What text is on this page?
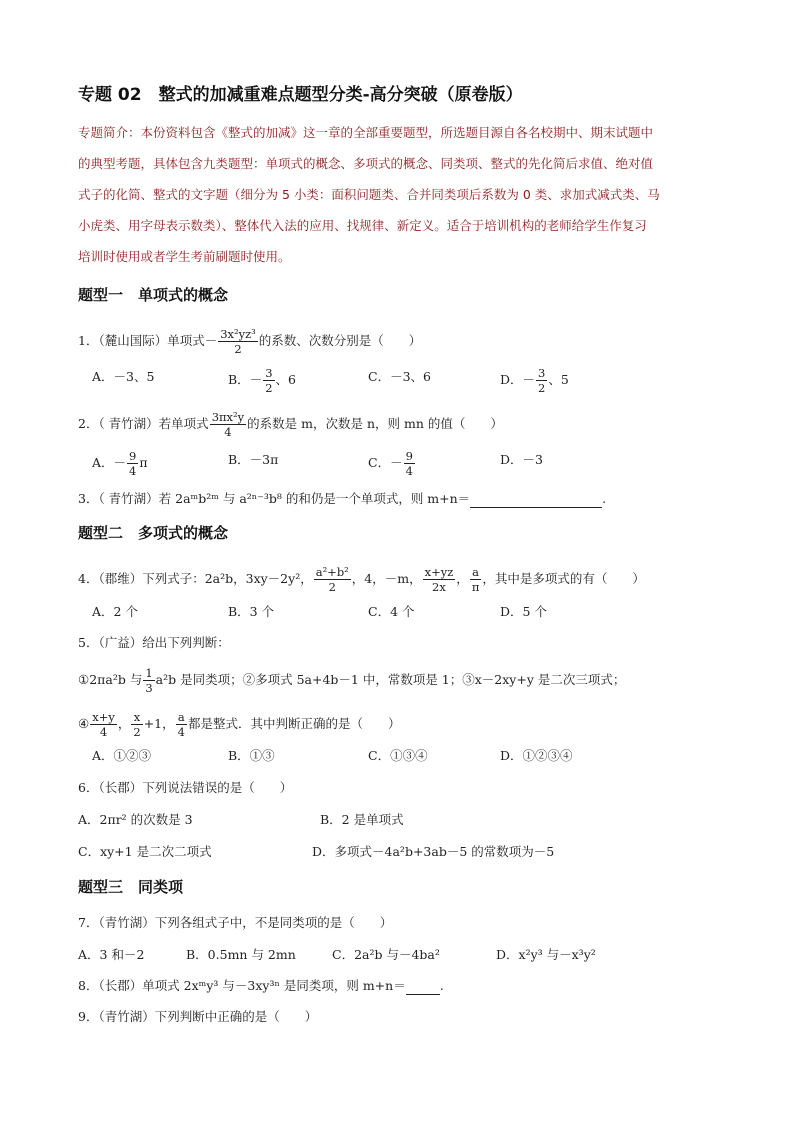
专题 02　整式的加减重难点题型分类-高分突破（原卷版）
专题简介：本份资料包含《整式的加减》这一章的全部重要题型，所选题目源自各名校期中、期末试题中
的典型考题，具体包含九类题型：单项式的概念、多项式的概念、同类项、整式的先化简后求值、绝对值
式子的化简、整式的文字题（细分为 5 小类：面积问题类、合并同类项后系数为 0 类、求加式减式类、马
小虎类、用字母表示数类）、整体代入法的应用、找规律、新定义。适合于培训机构的老师给学生作复习
培训时使用或者学生考前刷题时使用。
题型一　单项式的概念
1．（麓山国际）单项式－ $\frac{\text{3x²yz³}}{2}$ 的系数、次数分别是（　　）
A．－3、5	B．－ $\frac{3}{2}$ 、6	C．－3、6	D．－ $\frac{3}{2}$ 、5
2．（ 青竹湖）若单项式 $\frac{\text{3πx²y}}{4}$ 的系数是 m，次数是 n，则 mn 的值（　　）
A．－ $\frac{9}{4}$ π	B．－3π	C．－ $\frac{9}{4}$	D．－3
3．（ 青竹湖）若 2aᵐb²ᵐ 与 a²ⁿ⁻³b⁸ 的和仍是一个单项式，则 m+n＝	.
题型二　多项式的概念
4．（郡维）下列式子：2a²b，3xy－2y²， $\frac{\text{a²+b²}}{2}$ ，4，－m， $\frac{x+yz}{2x}$ ， $\frac{a}{\pi}$ ，其中是多项式的有（　　）
A．2 个	B．3 个	C．4 个	D．5 个
5．（广益）给出下列判断：
①2πa²b 与 $\frac{1}{3} a^2b$ 是同类项；②多项式 5a+4b－1 中，常数项是 1；③x－2xy+y 是二次三项式；
④ $\frac{x+y}{4}$ ， $\frac{x}{2} +1$， $\frac{a}{4}$ 都是整式．其中判断正确的是（　　）
A．①②③	B．①③	C．①③④	D．①②③④
6．（长郡）下列说法错误的是（　　）
A．2πr² 的次数是 3	B．2 是单项式
C．xy+1 是二次二项式	D．多项式－4a²b+3ab－5 的常数项为－5
题型三　同类项
7．（青竹湖）下列各组式子中，不是同类项的是（　　）
A．3 和－2	B．0.5mn 与 2mn	C．2a²b 与－4ba²	D．x²y³ 与－x³y²
8．（长郡）单项式 2xᵐy³ 与－3xy³ⁿ 是同类项，则 m+n＝	.
9．（青竹湖）下列判断中正确的是（　　）
